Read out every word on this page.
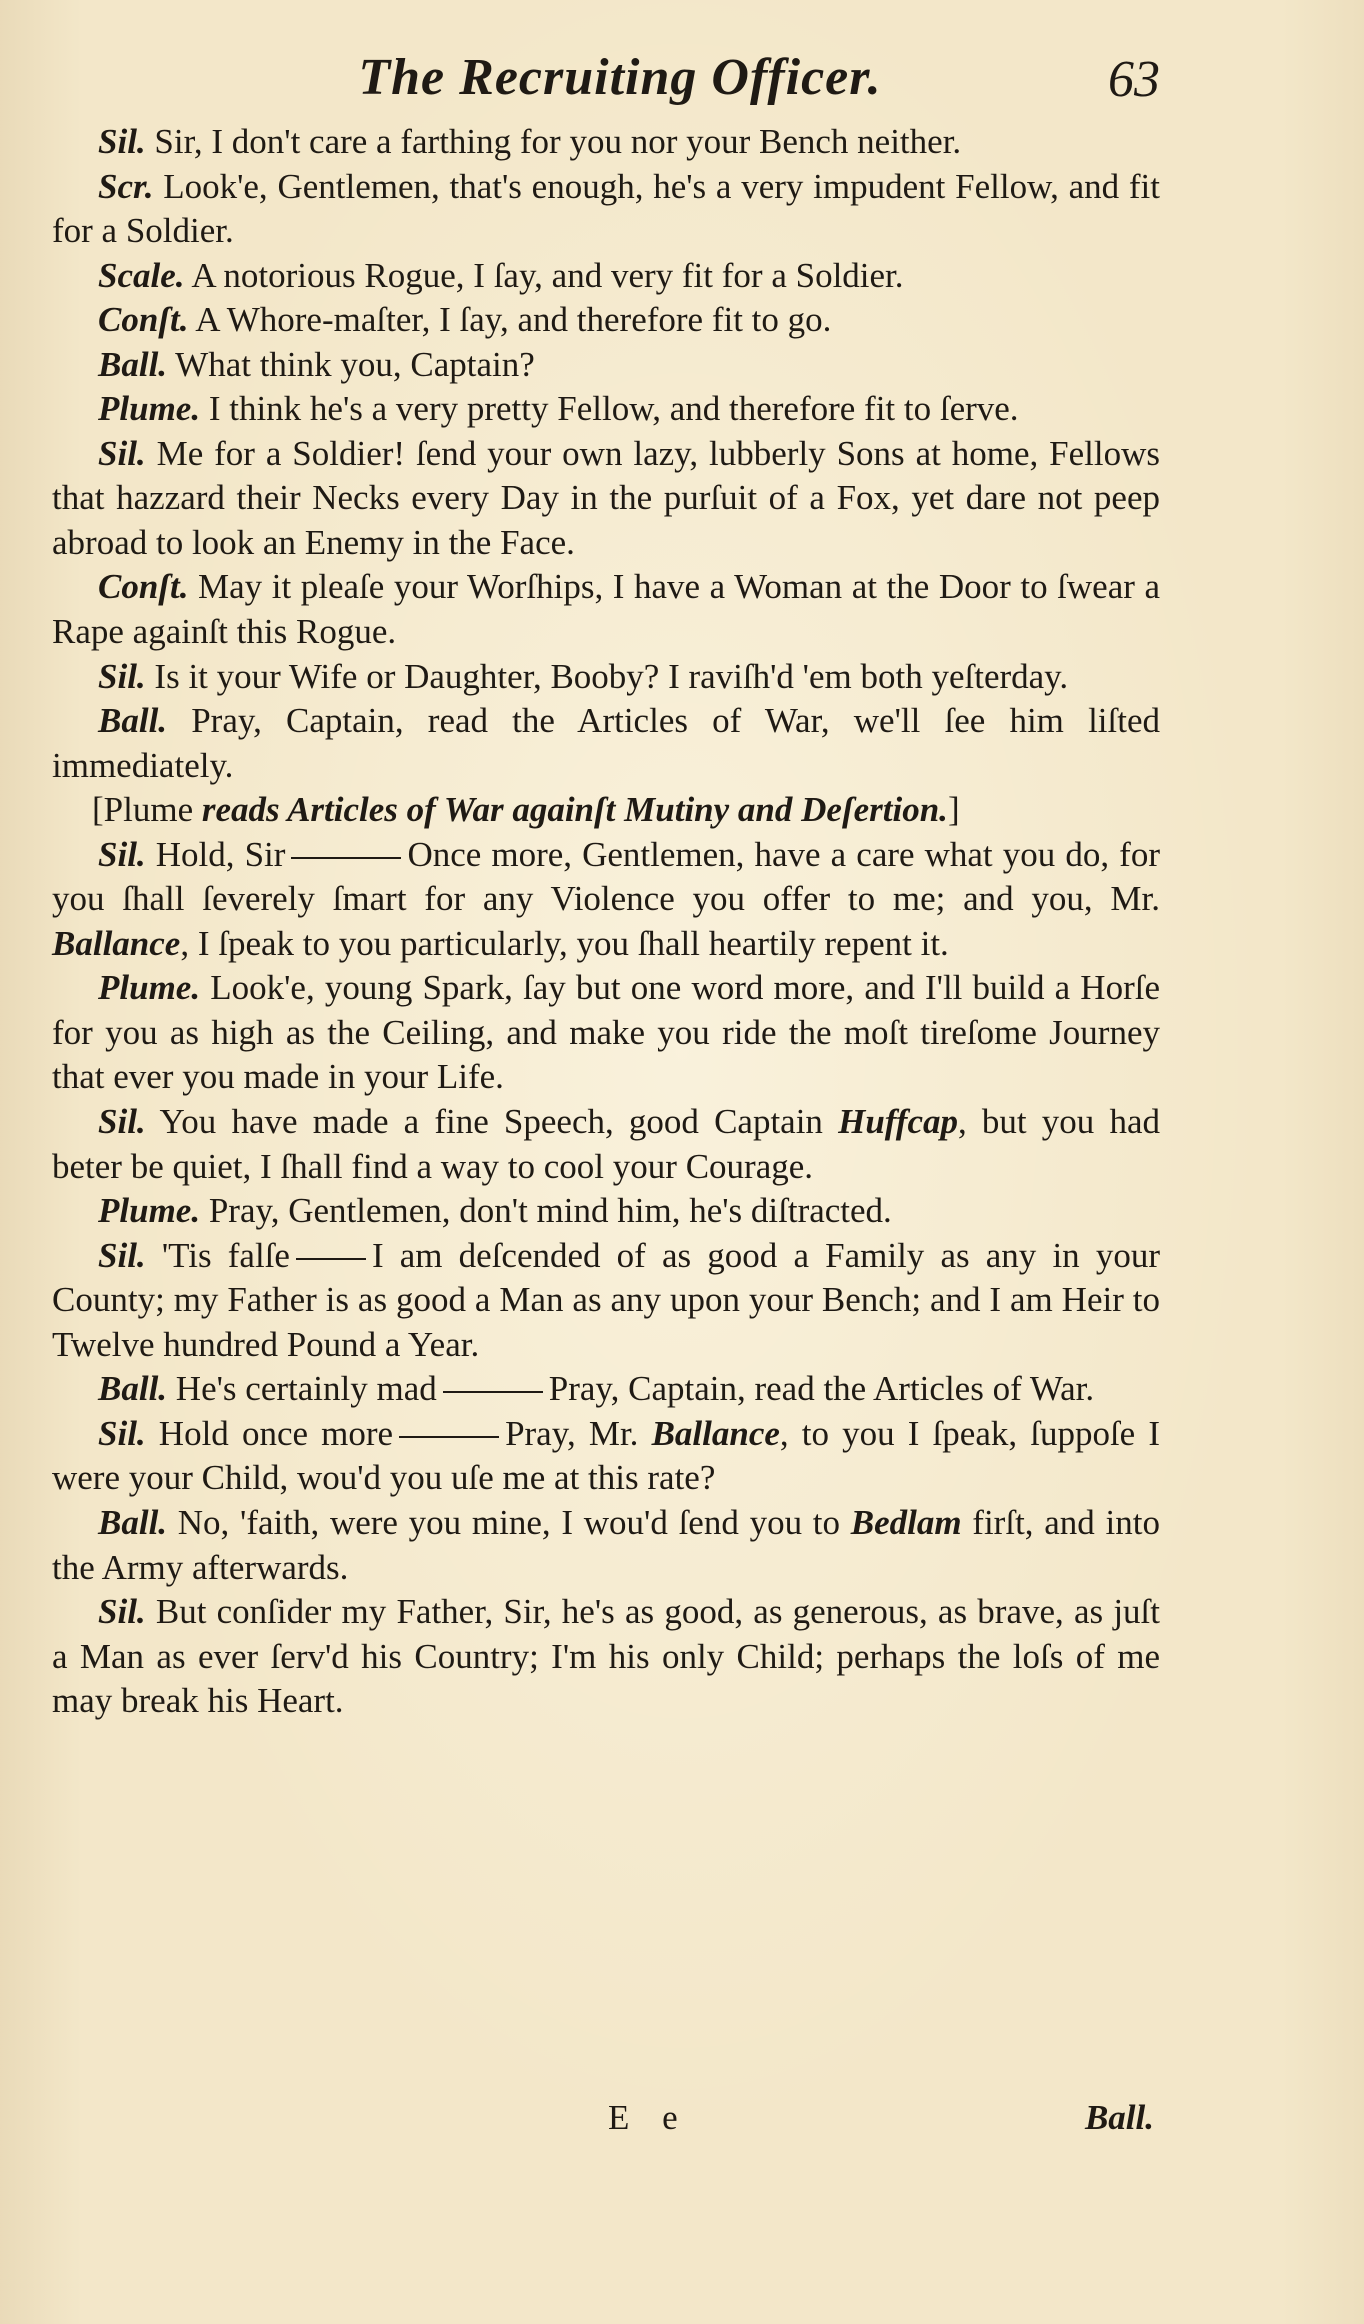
The Recruiting Officer.	63

Sil. Sir, I don't care a farthing for you nor your Bench neither.

Scr. Look'e, Gentlemen, that's enough, he's a very impudent Fellow, and fit for a Soldier.

Scale. A notorious Rogue, I ſay, and very fit for a Soldier.

Conſt. A Whore-maſter, I ſay, and therefore fit to go.

Ball. What think you, Captain?

Plume. I think he's a very pretty Fellow, and therefore fit to ſerve.

Sil. Me for a Soldier! ſend your own lazy, lubberly Sons at home, Fellows that hazzard their Necks every Day in the purſuit of a Fox, yet dare not peep abroad to look an Enemy in the Face.

Conſt. May it pleaſe your Worſhips, I have a Woman at the Door to ſwear a Rape againſt this Rogue.

Sil. Is it your Wife or Daughter, Booby? I raviſh'd 'em both yeſterday.

Ball. Pray, Captain, read the Articles of War, we'll ſee him liſted immediately.

[Plume reads Articles of War againſt Mutiny and Deſertion.]

Sil. Hold, Sir	Once more, Gentlemen, have a care what you do, for you ſhall ſeverely ſmart for any Violence you offer to me; and you, Mr. Ballance, I ſpeak to you particularly, you ſhall heartily repent it.

Plume. Look'e, young Spark, ſay but one word more, and I'll build a Horſe for you as high as the Ceiling, and make you ride the moſt tireſome Journey that ever you made in your Life.

Sil. You have made a fine Speech, good Captain Huffcap, but you had beter be quiet, I ſhall find a way to cool your Courage.

Plume. Pray, Gentlemen, don't mind him, he's diſtracted.

Sil. 'Tis falſe I am deſcended of as good a Family as any in your County; my Father is as good a Man as any upon your Bench; and I am Heir to Twelve hundred Pound a Year.

Ball. He's certainly mad	Pray, Captain, read the Articles of War.

Sil. Hold once more	Pray, Mr. Ballance, to you I ſpeak, ſuppoſe I were your Child, wou'd you uſe me at this rate?

Ball. No, 'faith, were you mine, I wou'd ſend you to Bedlam firſt, and into the Army afterwards.

Sil. But conſider my Father, Sir, he's as good, as generous, as brave, as juſt a Man as ever ſerv'd his Country; I'm his only Child; perhaps the loſs of me may break his Heart.

E e	Ball.
